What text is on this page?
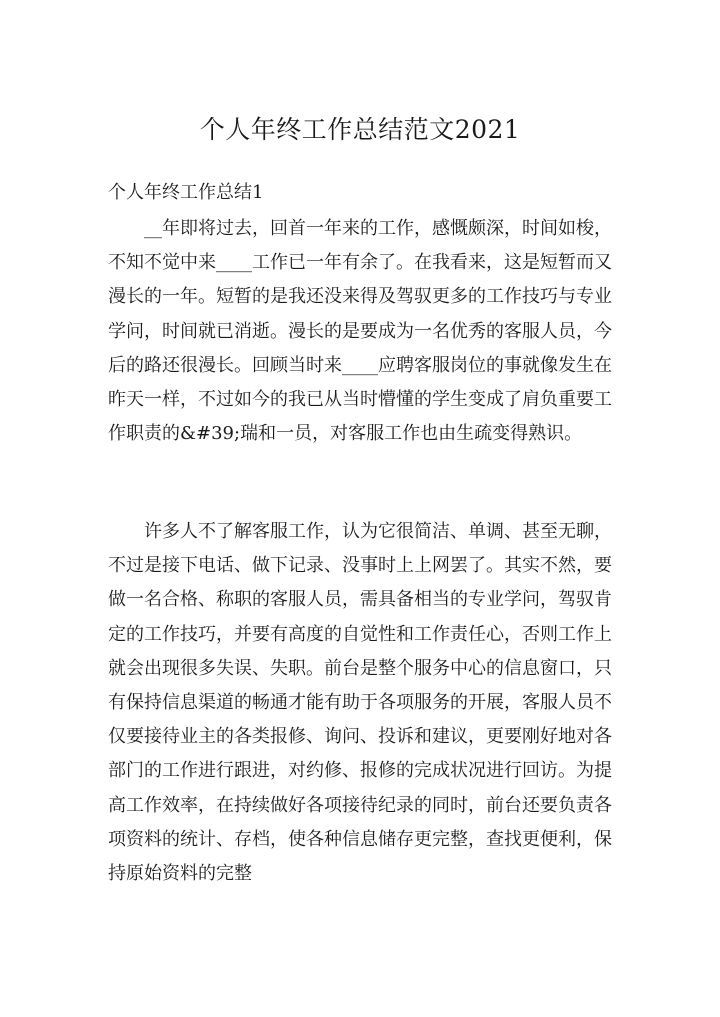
个人年终工作总结范文2021
个人年终工作总结1

__年即将过去，回首一年来的工作，感慨颇深，时间如梭，不知不觉中来____工作已一年有余了。在我看来，这是短暂而又漫长的一年。短暂的是我还没来得及驾驭更多的工作技巧与专业学问，时间就已消逝。漫长的是要成为一名优秀的客服人员，今后的路还很漫长。回顾当时来____应聘客服岗位的事就像发生在昨天一样，不过如今的我已从当时懵懂的学生变成了肩负重要工作职责的&#39;瑞和一员，对客服工作也由生疏变得熟识。

许多人不了解客服工作，认为它很简洁、单调、甚至无聊，不过是接下电话、做下记录、没事时上上网罢了。其实不然，要做一名合格、称职的客服人员，需具备相当的专业学问，驾驭肯定的工作技巧，并要有高度的自觉性和工作责任心，否则工作上就会出现很多失误、失职。前台是整个服务中心的信息窗口，只有保持信息渠道的畅通才能有助于各项服务的开展，客服人员不仅要接待业主的各类报修、询问、投诉和建议，更要刚好地对各部门的工作进行跟进，对约修、报修的完成状况进行回访。为提高工作效率，在持续做好各项接待纪录的同时，前台还要负责各项资料的统计、存档，使各种信息储存更完整，查找更便利，保持原始资料的完整
